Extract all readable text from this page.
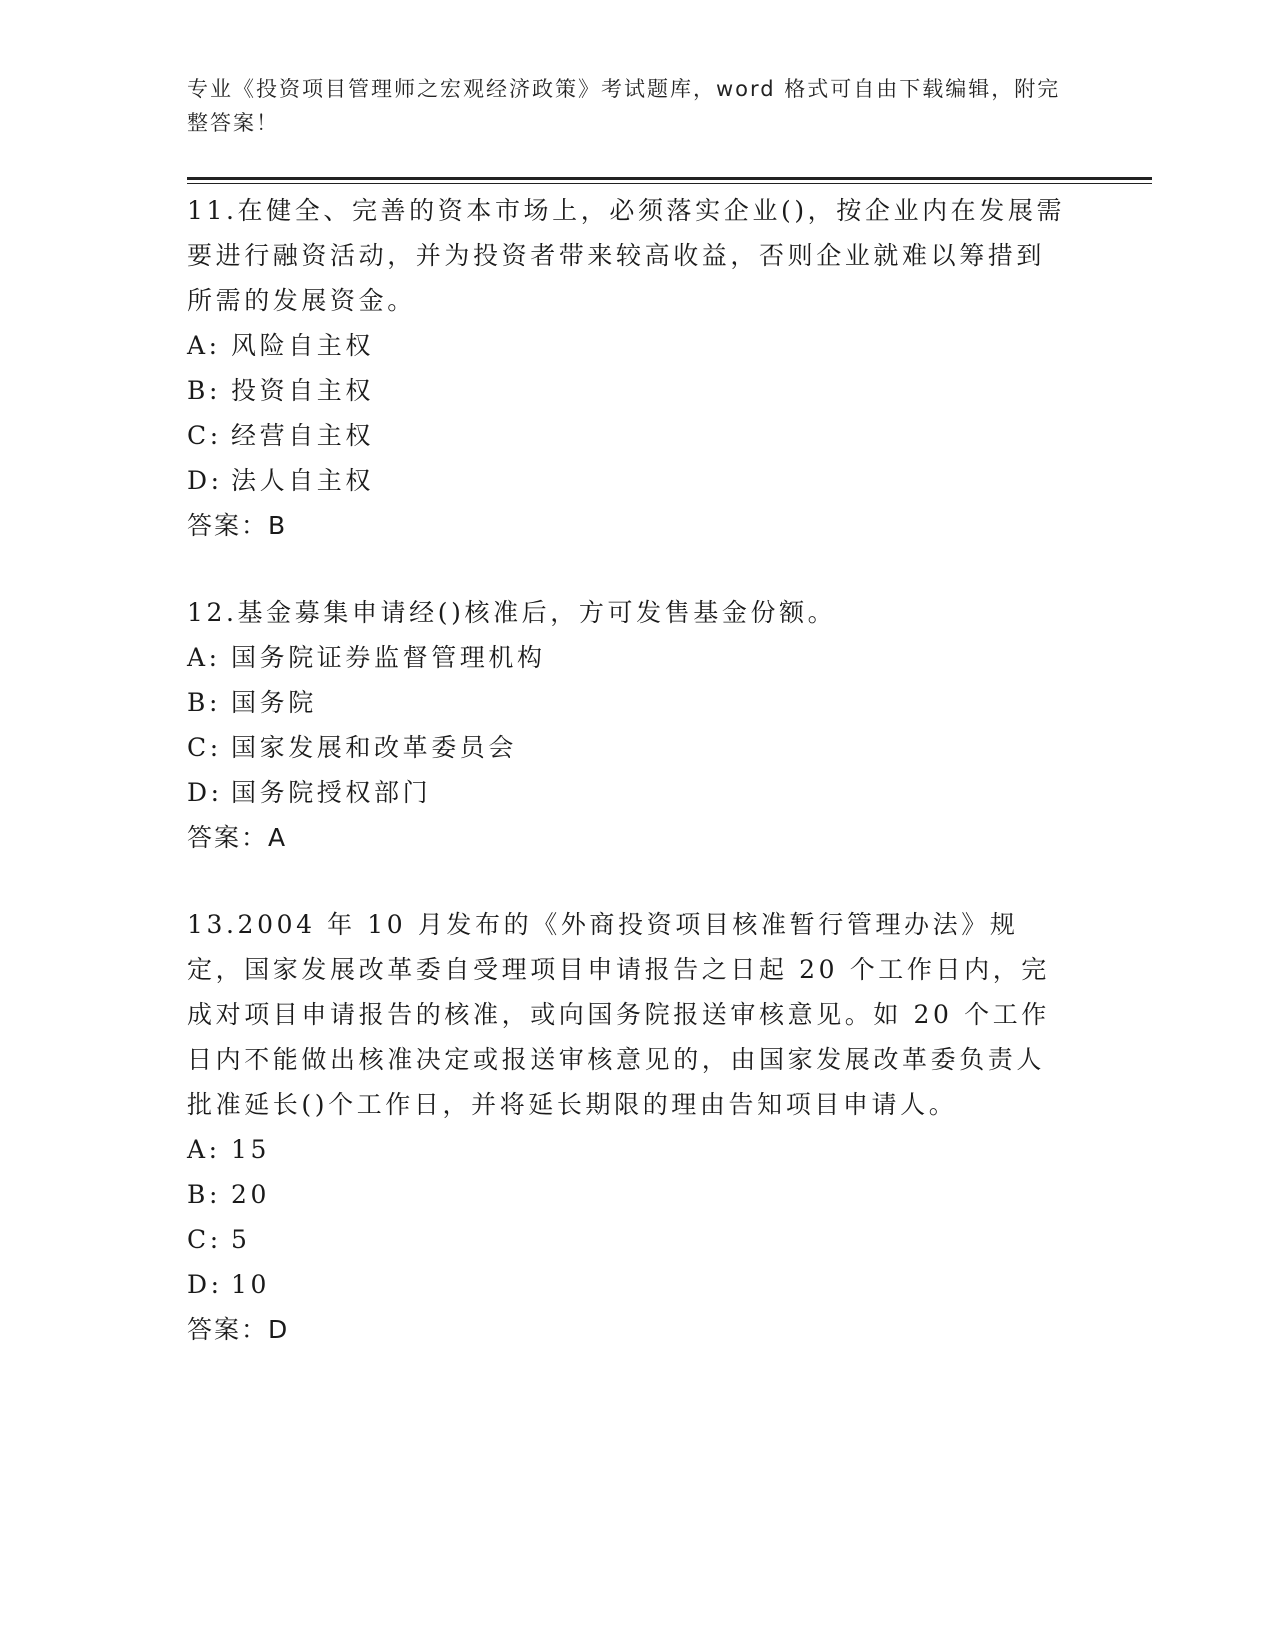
专业《投资项目管理师之宏观经济政策》考试题库，word 格式可自由下载编辑，附完整答案！

11.在健全、完善的资本市场上，必须落实企业()，按企业内在发展需要进行融资活动，并为投资者带来较高收益，否则企业就难以筹措到所需的发展资金。

A: 风险自主权

B: 投资自主权

C: 经营自主权

D: 法人自主权

答案：B

12.基金募集申请经()核准后，方可发售基金份额。

A: 国务院证券监督管理机构

B: 国务院

C: 国家发展和改革委员会

D: 国务院授权部门

答案：A

13.2004 年 10 月发布的《外商投资项目核准暂行管理办法》规定，国家发展改革委自受理项目申请报告之日起 20 个工作日内，完成对项目申请报告的核准，或向国务院报送审核意见。如 20 个工作日内不能做出核准决定或报送审核意见的，由国家发展改革委负责人批准延长()个工作日，并将延长期限的理由告知项目申请人。

A: 15

B: 20

C: 5

D: 10

答案：D
